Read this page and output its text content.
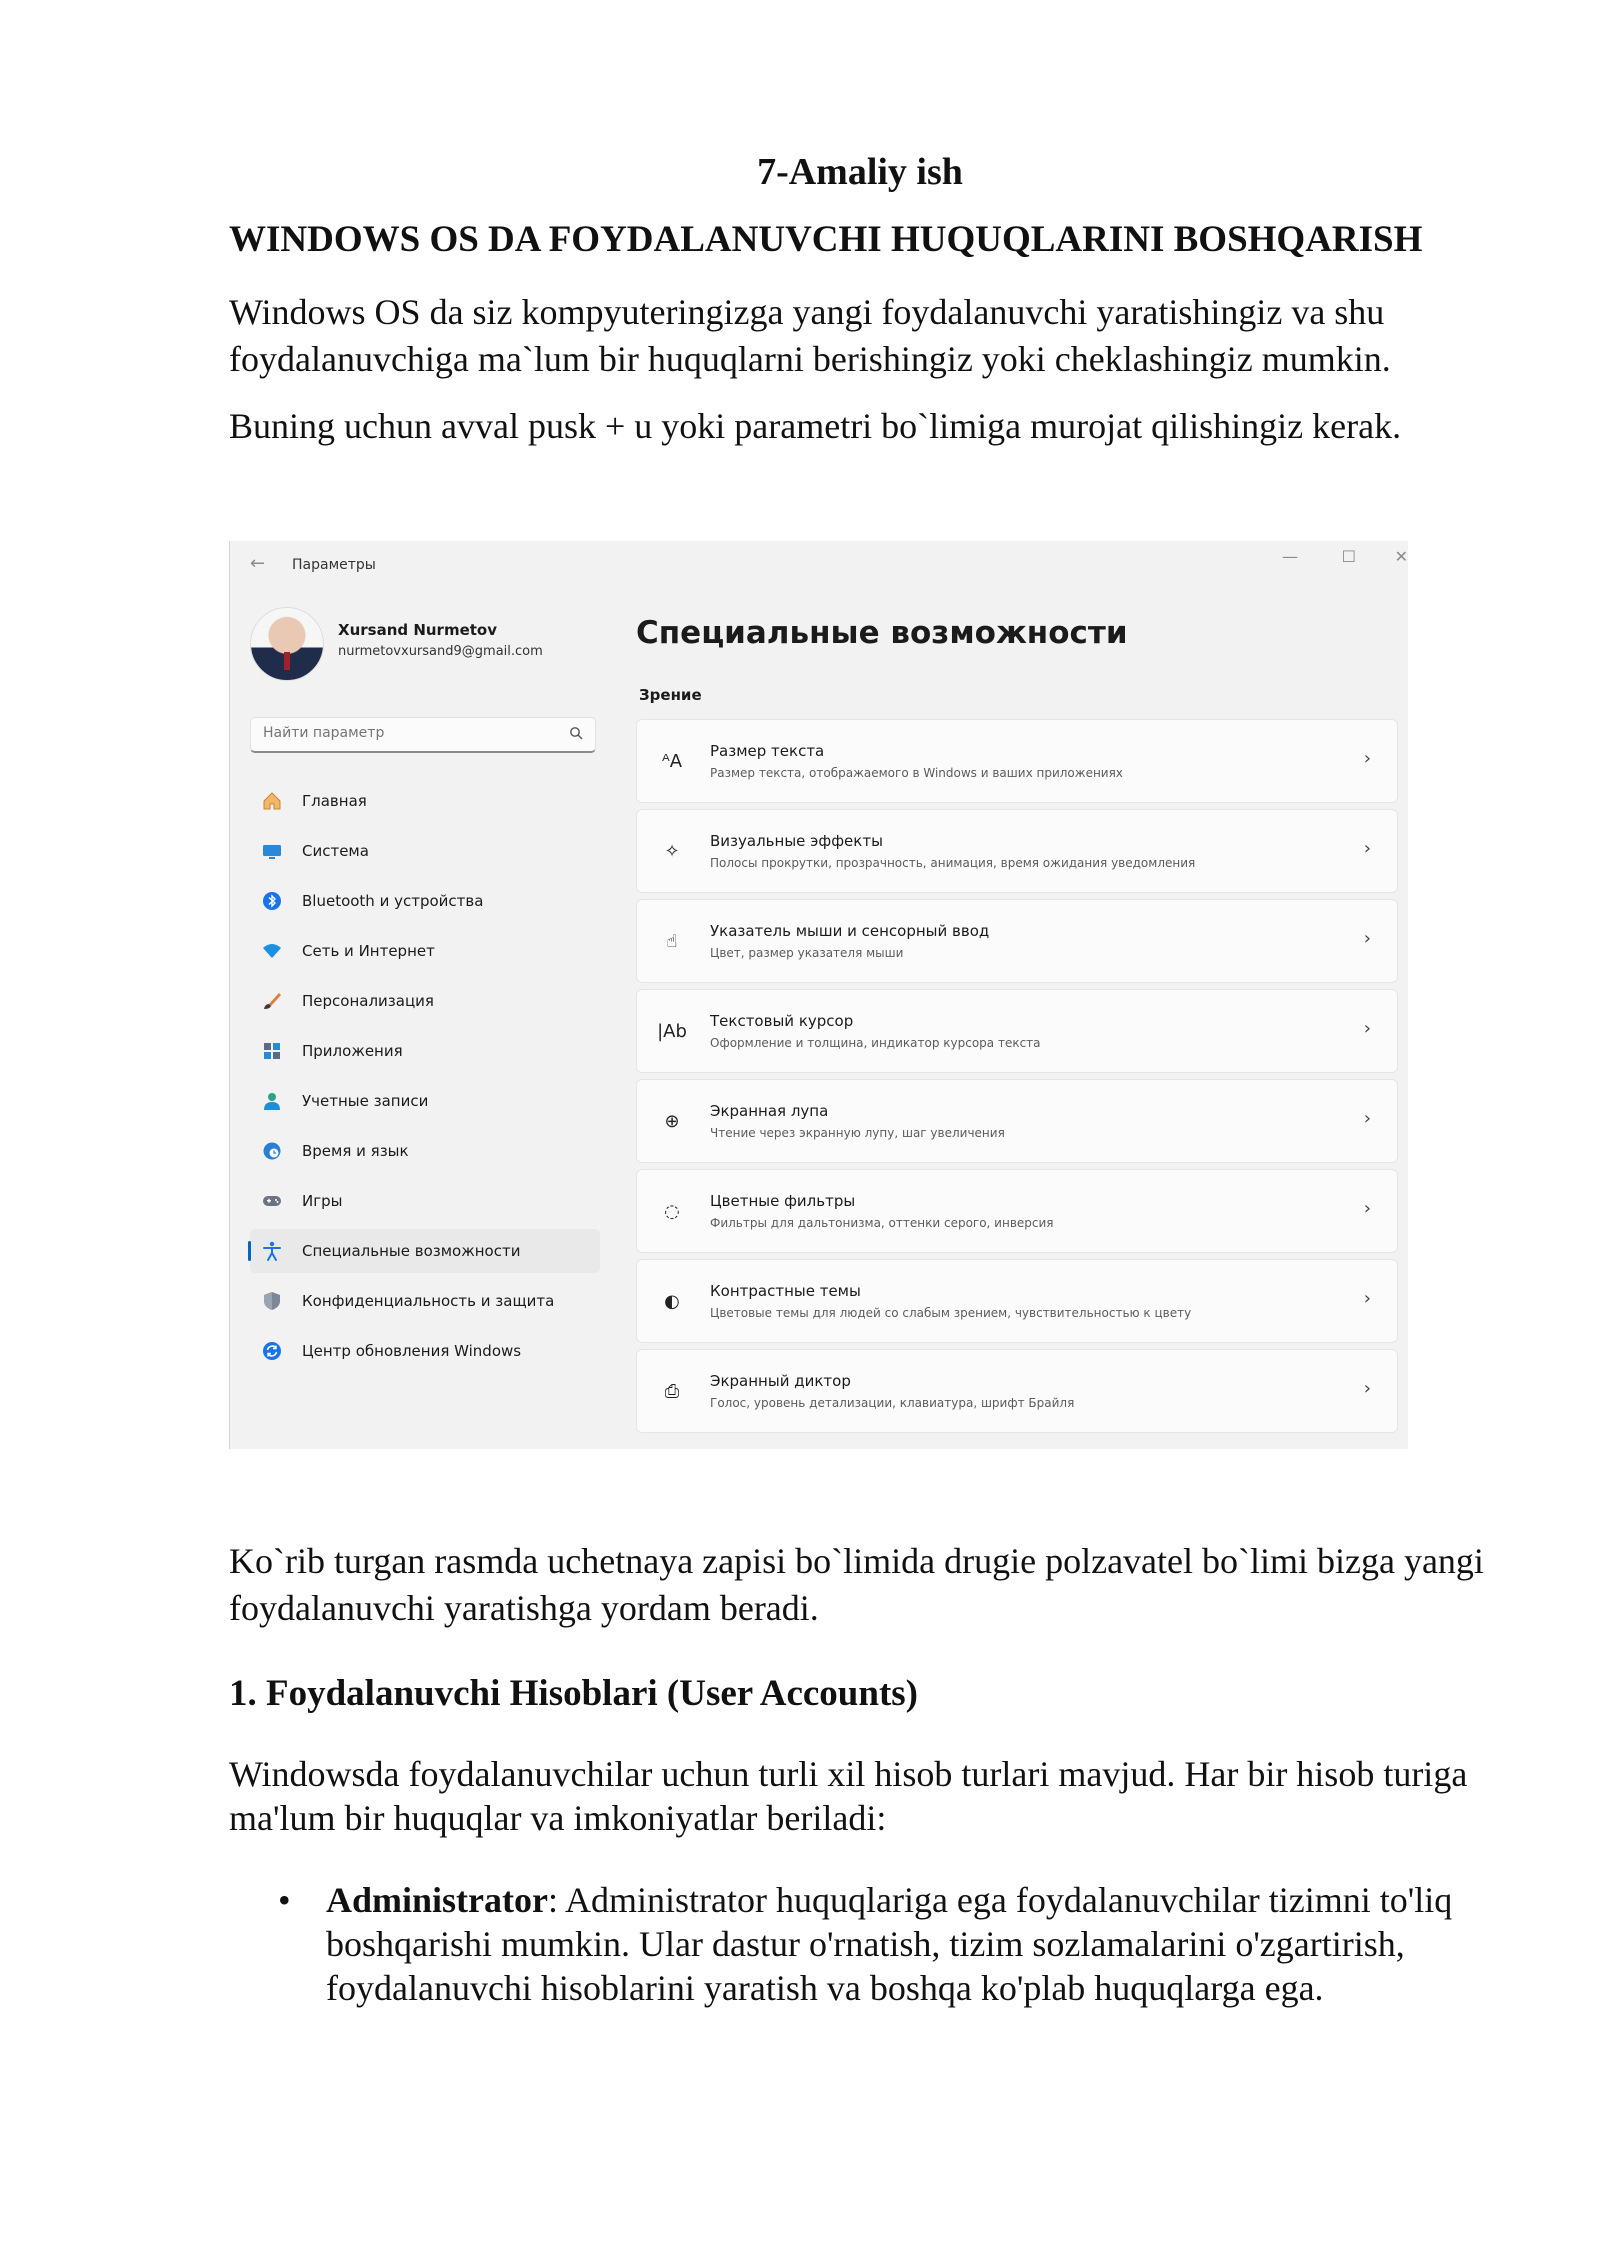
7-Amaliy ish
WINDOWS OS DA FOYDALANUVCHI HUQUQLARINI BOSHQARISH
Windows OS da siz kompyuteringizga yangi foydalanuvchi yaratishingiz va shu foydalanuvchiga ma`lum bir huquqlarni berishingiz yoki cheklashingiz mumkin.
Buning uchun avval pusk + u yoki parametri bo`limiga murojat qilishingiz kerak.
← Параметры	—	☐ ✕
Xursand Nurmetov
nurmetovxursand9@gmail.com
Найти параметр
Главная
Система
Bluetooth и устройства
Сеть и Интернет
Персонализация
Приложения
Учетные записи
Время и язык
Игры
Специальные возможности
Конфиденциальность и защита
Центр обновления Windows
Специальные возможности
Зрение
ᴬA	Размер текста
Размер текста, отображаемого в Windows и ваших приложениях
›
✧	Визуальные эффекты
Полосы прокрутки, прозрачность, анимация, время ожидания уведомления
›
☝	Указатель мыши и сенсорный ввод
Цвет, размер указателя мыши
›
|Ab Текстовый курсор
Оформление и толщина, индикатор курсора текста
›
⊕	Экранная лупа
Чтение через экранную лупу, шаг увеличения
›
◌	Цветные фильтры
Фильтры для дальтонизма, оттенки серого, инверсия
›
◐	Контрастные темы
Цветовые темы для людей со слабым зрением, чувствительностью к цвету
›
⎙	Экранный диктор
Голос, уровень детализации, клавиатура, шрифт Брайля
›
Ko`rib turgan rasmda uchetnaya zapisi bo`limida drugie polzavatel bo`limi bizga yangi foydalanuvchi yaratishga yordam beradi.
1. Foydalanuvchi Hisoblari (User Accounts)
Windowsda foydalanuvchilar uchun turli xil hisob turlari mavjud. Har bir hisob turiga ma'lum bir huquqlar va imkoniyatlar beriladi:
• Administrator: Administrator huquqlariga ega foydalanuvchilar tizimni to'liq boshqarishi mumkin. Ular dastur o'rnatish, tizim sozlamalarini o'zgartirish, foydalanuvchi hisoblarini yaratish va boshqa ko'plab huquqlarga ega.
